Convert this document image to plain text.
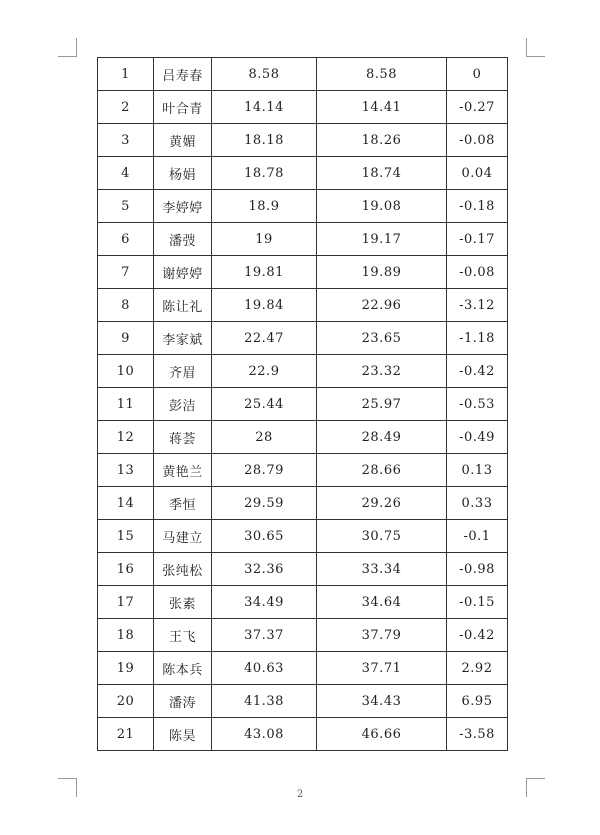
1	吕寿春	8.58	8.58	0
2	叶合青	14.14	14.41	-0.27
3	黄媚	18.18	18.26	-0.08
4	杨娟	18.78	18.74	0.04
5	李婷婷	18.9	19.08	-0.18
6	潘弢	19	19.17	-0.17
7	谢婷婷	19.81	19.89	-0.08
8	陈让礼	19.84	22.96	-3.12
9	李家斌	22.47	23.65	-1.18
10	齐眉	22.9	23.32	-0.42
11	彭洁	25.44	25.97	-0.53
12	蒋荟	28	28.49	-0.49
13	黄艳兰	28.79	28.66	0.13
14	季恒	29.59	29.26	0.33
15	马建立	30.65	30.75	-0.1
16	张纯松	32.36	33.34	-0.98
17	张素	34.49	34.64	-0.15
18	王飞	37.37	37.79	-0.42
19	陈本兵	40.63	37.71	2.92
20	潘涛	41.38	34.43	6.95
21	陈昊	43.08	46.66	-3.58
2
